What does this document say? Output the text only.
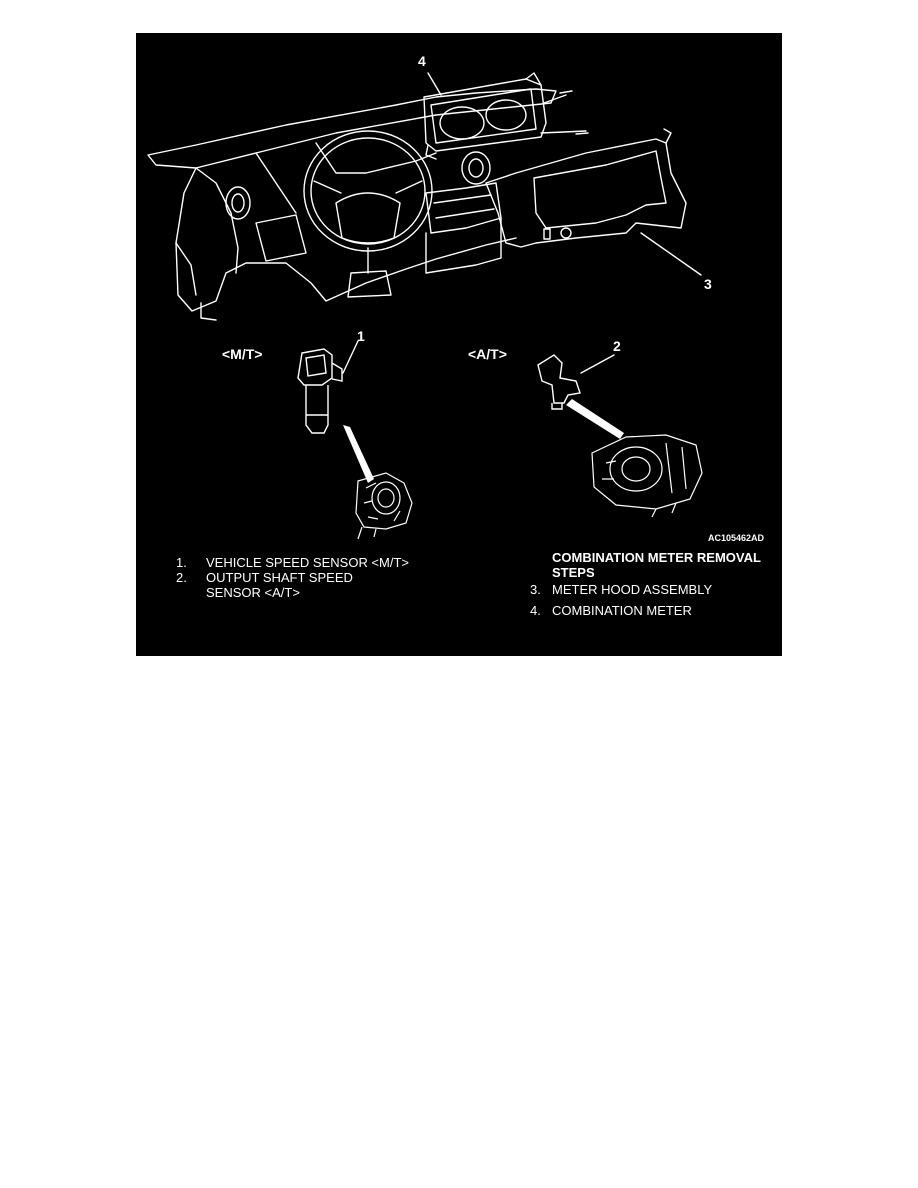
4
3
1
2
<M/T>	<A/T>
AC105462AD
1. VEHICLE SPEED SENSOR <M/T>
2. OUTPUT SHAFT SPEED
SENSOR <A/T>
COMBINATION METER REMOVAL
STEPS
3. METER HOOD ASSEMBLY
4. COMBINATION METER
